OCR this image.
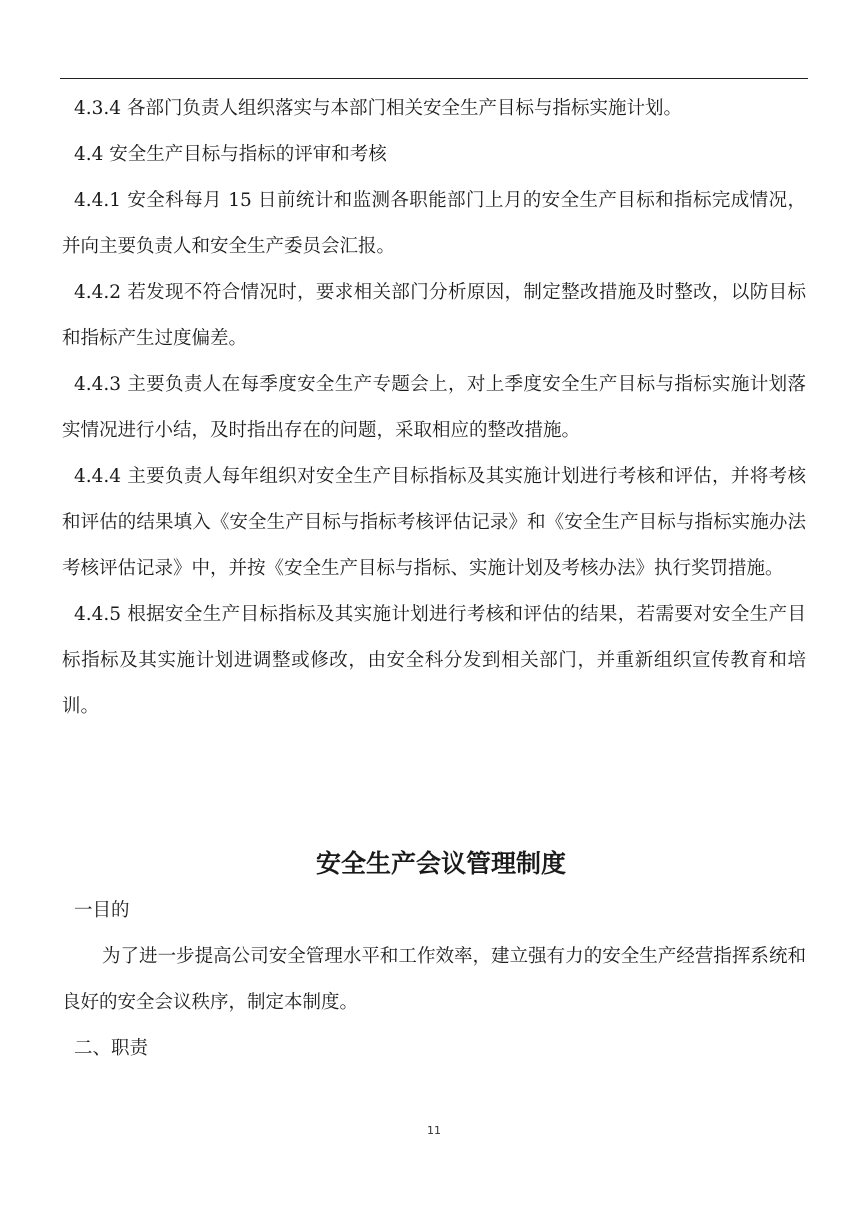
4.3.4 各部门负责人组织落实与本部门相关安全生产目标与指标实施计划。

4.4 安全生产目标与指标的评审和考核

4.4.1 安全科每月 15 日前统计和监测各职能部门上月的安全生产目标和指标完成情况，并向主要负责人和安全生产委员会汇报。

4.4.2 若发现不符合情况时，要求相关部门分析原因，制定整改措施及时整改，以防目标和指标产生过度偏差。

4.4.3 主要负责人在每季度安全生产专题会上，对上季度安全生产目标与指标实施计划落实情况进行小结，及时指出存在的问题，采取相应的整改措施。

4.4.4 主要负责人每年组织对安全生产目标指标及其实施计划进行考核和评估，并将考核和评估的结果填入《安全生产目标与指标考核评估记录》和《安全生产目标与指标实施办法考核评估记录》中，并按《安全生产目标与指标、实施计划及考核办法》执行奖罚措施。

4.4.5 根据安全生产目标指标及其实施计划进行考核和评估的结果，若需要对安全生产目标指标及其实施计划进调整或修改，由安全科分发到相关部门，并重新组织宣传教育和培训。

安全生产会议管理制度

一目的

为了进一步提高公司安全管理水平和工作效率，建立强有力的安全生产经营指挥系统和良好的安全会议秩序，制定本制度。

二、职责

11
